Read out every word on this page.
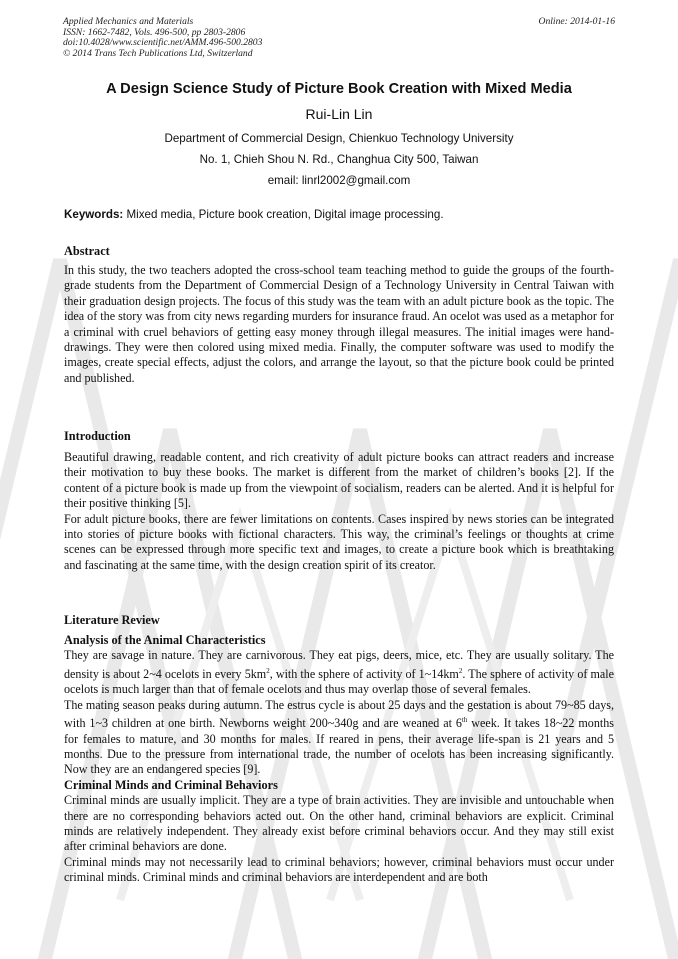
Applied Mechanics and Materials
ISSN: 1662-7482, Vols. 496-500, pp 2803-2806
doi:10.4028/www.scientific.net/AMM.496-500.2803
© 2014 Trans Tech Publications Ltd, Switzerland
Online: 2014-01-16
A Design Science Study of Picture Book Creation with Mixed Media
Rui-Lin Lin
Department of Commercial Design, Chienkuo Technology University
No. 1, Chieh Shou N. Rd., Changhua City 500, Taiwan
email: linrl2002@gmail.com
Keywords: Mixed media, Picture book creation, Digital image processing.
Abstract

In this study, the two teachers adopted the cross-school team teaching method to guide the groups of the fourth-grade students from the Department of Commercial Design of a Technology University in Central Taiwan with their graduation design projects. The focus of this study was the team with an adult picture book as the topic. The idea of the story was from city news regarding murders for insurance fraud. An ocelot was used as a metaphor for a criminal with cruel behaviors of getting easy money through illegal measures. The initial images were hand-drawings. They were then colored using mixed media. Finally, the computer software was used to modify the images, create special effects, adjust the colors, and arrange the layout, so that the picture book could be printed and published.

Introduction

Beautiful drawing, readable content, and rich creativity of adult picture books can attract readers and increase their motivation to buy these books. The market is different from the market of children’s books [2]. If the content of a picture book is made up from the viewpoint of socialism, readers can be alerted. And it is helpful for their positive thinking [5].

For adult picture books, there are fewer limitations on contents. Cases inspired by news stories can be integrated into stories of picture books with fictional characters. This way, the criminal’s feelings or thoughts at crime scenes can be expressed through more specific text and images, to create a picture book which is breathtaking and fascinating at the same time, with the design creation spirit of its creator.

Literature Review

Analysis of the Animal Characteristics

They are savage in nature. They are carnivorous. They eat pigs, deers, mice, etc. They are usually solitary. The density is about 2~4 ocelots in every $5km^2$, with the sphere of activity of $1\sim 14km^2$. The sphere of activity of male ocelots is much larger than that of female ocelots and thus may overlap those of several females.

The mating season peaks during autumn. The estrus cycle is about 25 days and the gestation is about 79~85 days, with 1~3 children at one birth. Newborns weight 200~340g and are weaned at 6th week. It takes 18~22 months for females to mature, and 30 months for males. If reared in pens, their average life-span is 21 years and 5 months. Due to the pressure from international trade, the number of ocelots has been increasing significantly. Now they are an endangered species [9].

Criminal Minds and Criminal Behaviors

Criminal minds are usually implicit. They are a type of brain activities. They are invisible and untouchable when there are no corresponding behaviors acted out. On the other hand, criminal behaviors are explicit. Criminal minds are relatively independent. They already exist before criminal behaviors occur. And they may still exist after criminal behaviors are done.

Criminal minds may not necessarily lead to criminal behaviors; however, criminal behaviors must occur under criminal minds. Criminal minds and criminal behaviors are interdependent and are both
